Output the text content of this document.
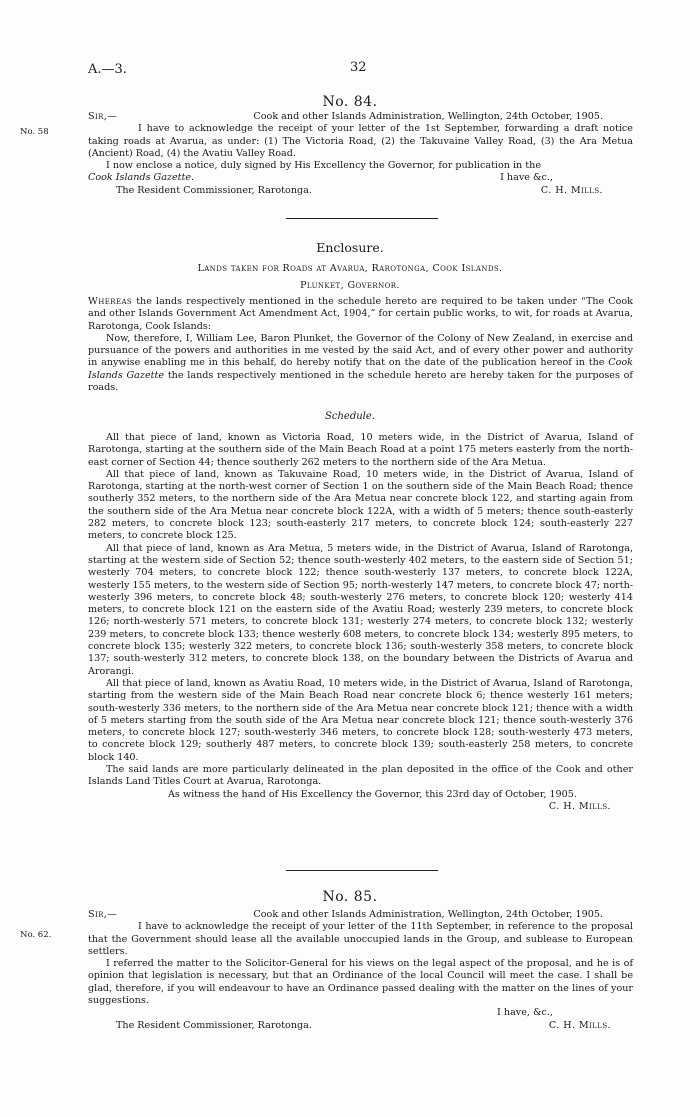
A.—3.	32
No. 84.
No. 58
Sir,—	Cook and other Islands Administration, Wellington, 24th October, 1905.

I have to acknowledge the receipt of your letter of the 1st September, forwarding a draft notice taking roads at Avarua, as under: (1) The Victoria Road, (2) the Takuvaine Valley Road, (3) the Ara Metua (Ancient) Road, (4) the Avatiu Valley Road.

I now enclose a notice, duly signed by His Excellency the Governor, for publication in the

Cook Islands Gazette.	I have &c.,
The Resident Commissioner, Rarotonga.	C. H. Mills.
Enclosure.
Lands taken for Roads at Avarua, Rarotonga, Cook Islands.
Plunket, Governor.

Whereas the lands respectively mentioned in the schedule hereto are required to be taken under “The Cook and other Islands Government Act Amendment Act, 1904,” for certain public works, to wit, for roads at Avarua, Rarotonga, Cook Islands:

Now, therefore, I, William Lee, Baron Plunket, the Governor of the Colony of New Zealand, in exercise and pursuance of the powers and authorities in me vested by the said Act, and of every other power and authority in anywise enabling me in this behalf, do hereby notify that on the date of the publication hereof in the Cook Islands Gazette the lands respectively mentioned in the schedule hereto are hereby taken for the purposes of roads.

Schedule.

All that piece of land, known as Victoria Road, 10 meters wide, in the District of Avarua, Island of Rarotonga, starting at the southern side of the Main Beach Road at a point 175 meters easterly from the north-east corner of Section 44; thence southerly 262 meters to the northern side of the Ara Metua.

All that piece of land, known as Takuvaine Road, 10 meters wide, in the District of Avarua, Island of Rarotonga, starting at the north-west corner of Section 1 on the southern side of the Main Beach Road; thence southerly 352 meters, to the northern side of the Ara Metua near concrete block 122, and starting again from the southern side of the Ara Metua near concrete block 122A, with a width of 5 meters; thence south-easterly 282 meters, to concrete block 123; south-easterly 217 meters, to concrete block 124; south-easterly 227 meters, to concrete block 125.

All that piece of land, known as Ara Metua, 5 meters wide, in the District of Avarua, Island of Rarotonga, starting at the western side of Section 52; thence south-westerly 402 meters, to the eastern side of Section 51; westerly 704 meters, to concrete block 122; thence south-westerly 137 meters, to concrete block 122A, westerly 155 meters, to the western side of Section 95; north-westerly 147 meters, to concrete block 47; north-westerly 396 meters, to concrete block 48; south-westerly 276 meters, to concrete block 120; westerly 414 meters, to concrete block 121 on the eastern side of the Avatiu Road; westerly 239 meters, to concrete block 126; north-westerly 571 meters, to concrete block 131; westerly 274 meters, to concrete block 132; westerly 239 meters, to concrete block 133; thence westerly 608 meters, to concrete block 134; westerly 895 meters, to concrete block 135; westerly 322 meters, to concrete block 136; south-westerly 358 meters, to concrete block 137; south-westerly 312 meters, to concrete block 138, on the boundary between the Districts of Avarua and Arorangi.

All that piece of land, known as Avatiu Road, 10 meters wide, in the District of Avarua, Island of Rarotonga, starting from the western side of the Main Beach Road near concrete block 6; thence westerly 161 meters; south-westerly 336 meters, to the northern side of the Ara Metua near concrete block 121; thence with a width of 5 meters starting from the south side of the Ara Metua near concrete block 121; thence south-westerly 376 meters, to concrete block 127; south-westerly 346 meters, to concrete block 128; south-westerly 473 meters, to concrete block 129; southerly 487 meters, to concrete block 139; south-easterly 258 meters, to concrete block 140.

The said lands are more particularly delineated in the plan deposited in the office of the Cook and other Islands Land Titles Court at Avarua, Rarotonga.

As witness the hand of His Excellency the Governor, this 23rd day of October, 1905.

C. H. Mills.
No. 85.
No. 62.
Sir,—	Cook and other Islands Administration, Wellington, 24th October, 1905.

I have to acknowledge the receipt of your letter of the 11th September, in reference to the proposal that the Government should lease all the available unoccupied lands in the Group, and sublease to European settlers.

I referred the matter to the Solicitor-General for his views on the legal aspect of the proposal, and he is of opinion that legislation is necessary, but that an Ordinance of the local Council will meet the case. I shall be glad, therefore, if you will endeavour to have an Ordinance passed dealing with the matter on the lines of your suggestions.

I have, &c.,
The Resident Commissioner, Rarotonga.	C. H. Mills.
